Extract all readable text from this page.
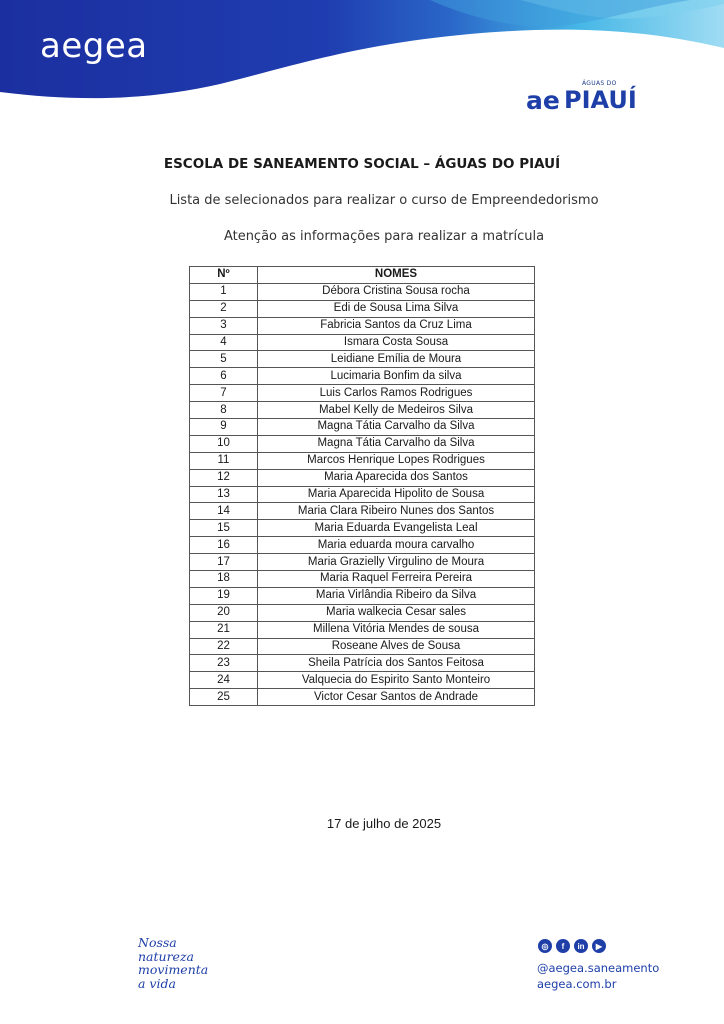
aegea
ÁGUAS DO
ae PIAUÍ
ESCOLA DE SANEAMENTO SOCIAL – ÁGUAS DO PIAUÍ
Lista de selecionados para realizar o curso de Empreendedorismo
Atenção as informações para realizar a matrícula
Nº	NOMES
1	Débora Cristina Sousa rocha
2	Edi de Sousa Lima Silva
3	Fabricia Santos da Cruz Lima
4	Ismara Costa Sousa
5	Leidiane Emília de Moura
6	Lucimaria Bonfim da silva
7	Luis Carlos Ramos Rodrigues
8	Mabel Kelly de Medeiros Silva
9	Magna Tátia Carvalho da Silva
10	Magna Tátia Carvalho da Silva
11	Marcos Henrique Lopes Rodrigues
12	Maria Aparecida dos Santos
13	Maria Aparecida Hipolito de Sousa
14	Maria Clara Ribeiro Nunes dos Santos
15	Maria Eduarda Evangelista Leal
16	Maria eduarda moura carvalho
17	Maria Grazielly Virgulino de Moura
18	Maria Raquel Ferreira Pereira
19	Maria Virlândia Ribeiro da Silva
20	Maria walkecia Cesar sales
21	Millena Vitória Mendes de sousa
22	Roseane Alves de Sousa
23	Sheila Patrícia dos Santos Feitosa
24	Valquecia do Espirito Santo Monteiro
25	Victor Cesar Santos de Andrade
17 de julho de 2025
Nossa
natureza
movimenta
a vida
◎	f	in	▶
@aegea.saneamento
aegea.com.br
